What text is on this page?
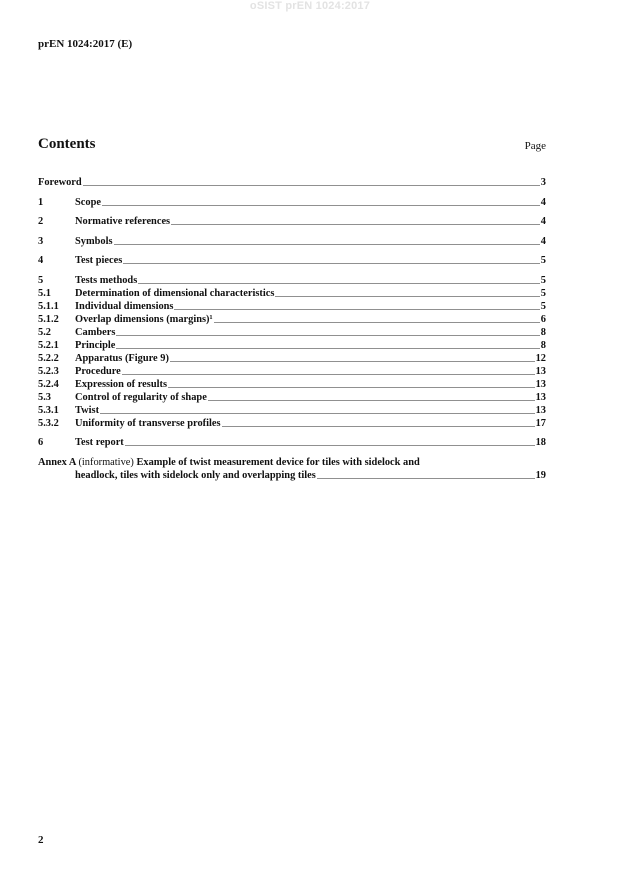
oSIST prEN 1024:2017
prEN 1024:2017 (E)
Contents	Page
Foreword	3
1	Scope	4
2	Normative references	4
3	Symbols	4
4	Test pieces	5
5	Tests methods	5
5.1	Determination of dimensional characteristics	5
5.1.1	Individual dimensions	5
5.1.2	Overlap dimensions (margins)¹	6
5.2	Cambers	8
5.2.1	Principle	8
5.2.2	Apparatus (Figure 9)	12
5.2.3	Procedure	13
5.2.4	Expression of results	13
5.3	Control of regularity of shape	13
5.3.1	Twist	13
5.3.2	Uniformity of transverse profiles	17
6	Test report	18
Annex A (informative) Example of twist measurement device for tiles with sidelock and
headlock, tiles with sidelock only and overlapping tiles	19
2
